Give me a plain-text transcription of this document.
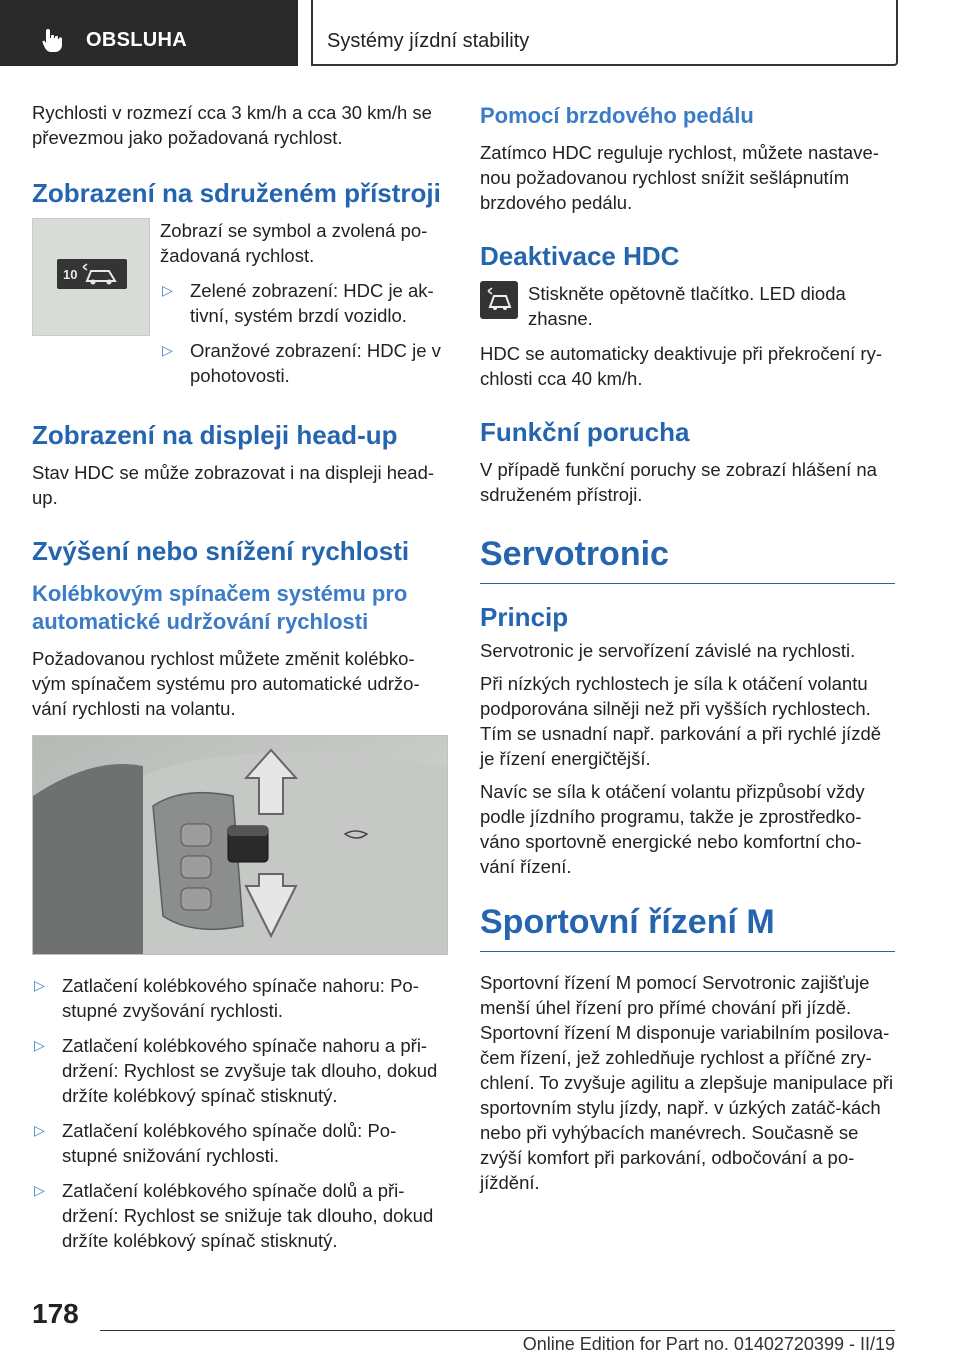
OBSLUHA	Systémy jízdní stability

Rychlosti v rozmezí cca 3 km/h a cca 30 km/h se převezmou jako požadovaná rychlost.

Zobrazení na sdruženém přístroji
10

Zobrazí se symbol a zvolená po-žadovaná rychlost.

▷ Zelené zobrazení: HDC je ak-tivní, systém brzdí vozidlo.
▷ Oranžové zobrazení: HDC je v pohotovosti.
Zobrazení na displeji head-up

Stav HDC se může zobrazovat i na displeji head-up.

Zvýšení nebo snížení rychlosti
Kolébkovým spínačem systému pro automatické udržování rychlosti

Požadovanou rychlost můžete změnit kolébko-vým spínačem systému pro automatické udržo-vání rychlosti na volantu.

▷ Zatlačení kolébkového spínače nahoru: Po-stupné zvyšování rychlosti.
▷ Zatlačení kolébkového spínače nahoru a při-držení: Rychlost se zvyšuje tak dlouho, dokud držíte kolébkový spínač stisknutý.
▷ Zatlačení kolébkového spínače dolů: Po-stupné snižování rychlosti.
▷ Zatlačení kolébkového spínače dolů a při-držení: Rychlost se snižuje tak dlouho, dokud držíte kolébkový spínač stisknutý.
Pomocí brzdového pedálu

Zatímco HDC reguluje rychlost, můžete nastave-nou požadovanou rychlost snížit sešlápnutím brzdového pedálu.

Deaktivace HDC

Stiskněte opětovně tlačítko. LED dioda zhasne.

HDC se automaticky deaktivuje při překročení ry-chlosti cca 40 km/h.

Funkční porucha

V případě funkční poruchy se zobrazí hlášení na sdruženém přístroji.

Servotronic
Princip

Servotronic je servořízení závislé na rychlosti.

Při nízkých rychlostech je síla k otáčení volantu podporována silněji než při vyšších rychlostech. Tím se usnadní např. parkování a při rychlé jízdě je řízení energičtější.

Navíc se síla k otáčení volantu přizpůsobí vždy podle jízdního programu, takže je zprostředko-váno sportovně energické nebo komfortní cho-vání řízení.

Sportovní řízení M

Sportovní řízení M pomocí Servotronic zajišťuje menší úhel řízení pro přímé chování při jízdě. Sportovní řízení M disponuje variabilním posilova-čem řízení, jež zohledňuje rychlost a příčné zry-chlení. To zvyšuje agilitu a zlepšuje manipulace při sportovním stylu jízdy, např. v úzkých zatáč-kách nebo při vyhýbacích manévrech. Současně se zvýší komfort při parkování, odbočování a po-jíždění.

178
Online Edition for Part no. 01402720399 - II/19
